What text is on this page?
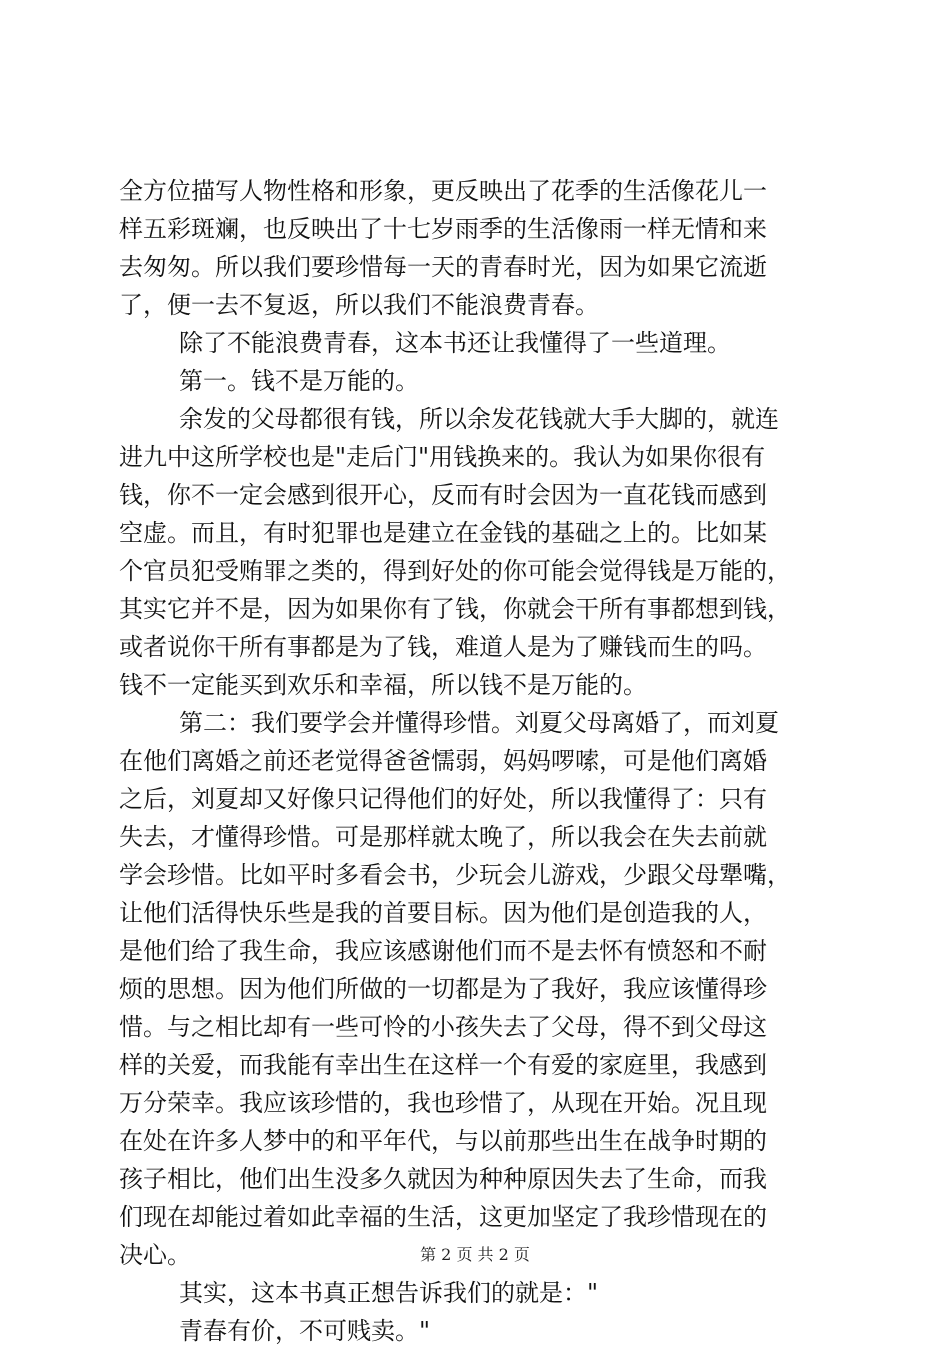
全方位描写人物性格和形象，更反映出了花季的生活像花儿一
样五彩斑斓，也反映出了十七岁雨季的生活像雨一样无情和来
去匆匆。所以我们要珍惜每一天的青春时光，因为如果它流逝
了，便一去不复返，所以我们不能浪费青春。
除了不能浪费青春，这本书还让我懂得了一些道理。
第一。钱不是万能的。
余发的父母都很有钱，所以余发花钱就大手大脚的，就连
进九中这所学校也是"走后门"用钱换来的。我认为如果你很有
钱，你不一定会感到很开心，反而有时会因为一直花钱而感到
空虚。而且，有时犯罪也是建立在金钱的基础之上的。比如某
个官员犯受贿罪之类的，得到好处的你可能会觉得钱是万能的，
其实它并不是，因为如果你有了钱，你就会干所有事都想到钱，
或者说你干所有事都是为了钱，难道人是为了赚钱而生的吗。
钱不一定能买到欢乐和幸福，所以钱不是万能的。
第二：我们要学会并懂得珍惜。刘夏父母离婚了，而刘夏
在他们离婚之前还老觉得爸爸懦弱，妈妈啰嗦，可是他们离婚
之后，刘夏却又好像只记得他们的好处，所以我懂得了：只有
失去，才懂得珍惜。可是那样就太晚了，所以我会在失去前就
学会珍惜。比如平时多看会书，少玩会儿游戏，少跟父母犟嘴，
让他们活得快乐些是我的首要目标。因为他们是创造我的人，
是他们给了我生命，我应该感谢他们而不是去怀有愤怒和不耐
烦的思想。因为他们所做的一切都是为了我好，我应该懂得珍
惜。与之相比却有一些可怜的小孩失去了父母，得不到父母这
样的关爱，而我能有幸出生在这样一个有爱的家庭里，我感到
万分荣幸。我应该珍惜的，我也珍惜了，从现在开始。况且现
在处在许多人梦中的和平年代，与以前那些出生在战争时期的
孩子相比，他们出生没多久就因为种种原因失去了生命，而我
们现在却能过着如此幸福的生活，这更加坚定了我珍惜现在的
决心。
其实，这本书真正想告诉我们的就是："
青春有价，不可贱卖。"
第 2 页 共 2 页
